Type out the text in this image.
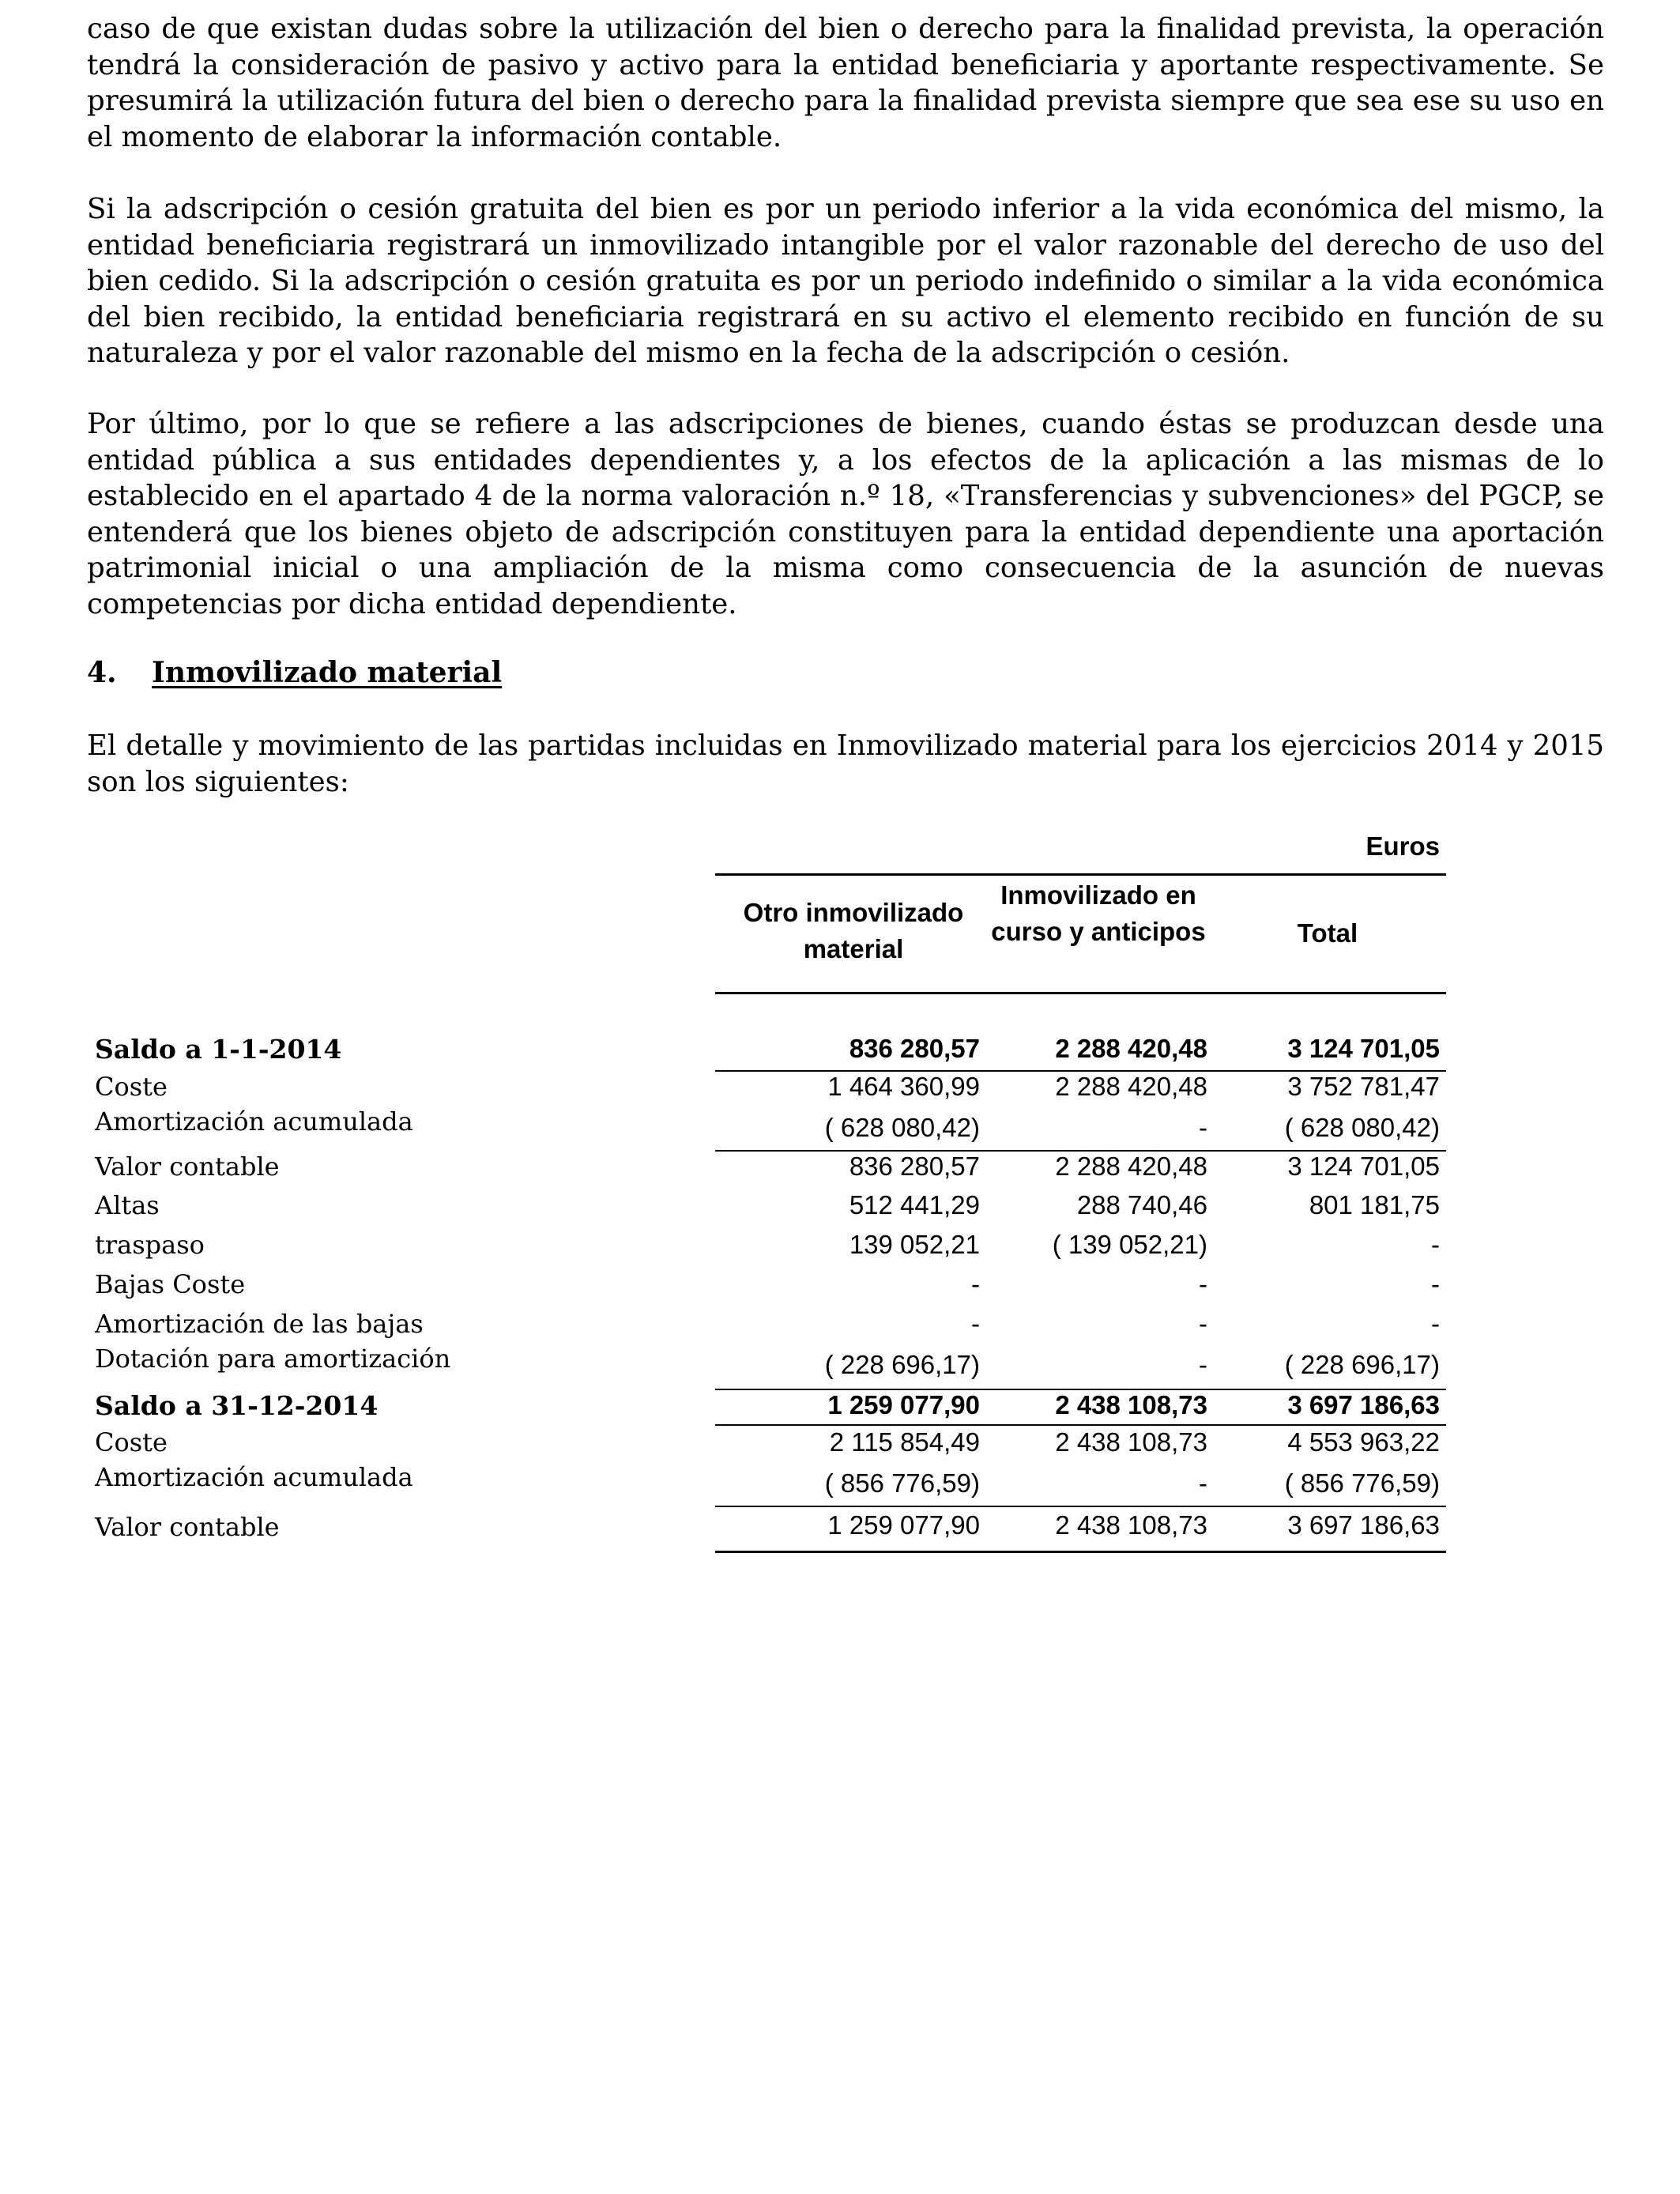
caso de que existan dudas sobre la utilización del bien o derecho para la finalidad prevista, la operación tendrá la consideración de pasivo y activo para la entidad beneficiaria y aportante respectivamente. Se presumirá la utilización futura del bien o derecho para la finalidad prevista siempre que sea ese su uso en el momento de elaborar la información contable.

Si la adscripción o cesión gratuita del bien es por un periodo inferior a la vida económica del mismo, la entidad beneficiaria registrará un inmovilizado intangible por el valor razonable del derecho de uso del bien cedido. Si la adscripción o cesión gratuita es por un periodo indefinido o similar a la vida económica del bien recibido, la entidad beneficiaria registrará en su activo el elemento recibido en función de su naturaleza y por el valor razonable del mismo en la fecha de la adscripción o cesión.

Por último, por lo que se refiere a las adscripciones de bienes, cuando éstas se produzcan desde una entidad pública a sus entidades dependientes y, a los efectos de la aplicación a las mismas de lo establecido en el apartado 4 de la norma valoración n.º 18, «Transferencias y subvenciones» del PGCP, se entenderá que los bienes objeto de adscripción constituyen para la entidad dependiente una aportación patrimonial inicial o una ampliación de la misma como consecuencia de la asunción de nuevas competencias por dicha entidad dependiente.

4. Inmovilizado material

El detalle y movimiento de las partidas incluidas en Inmovilizado material para los ejercicios 2014 y 2015 son los siguientes:

Euros
Otro inmovilizado material
Inmovilizado en curso y anticipos	Total
Saldo a 1-1-2014	836 280,57	2 288 420,48	3 124 701,05
Coste	1 464 360,99	2 288 420,48	3 752 781,47
Amortización acumulada	( 628 080,42)	-	( 628 080,42)
Valor contable	836 280,57	2 288 420,48	3 124 701,05
Altas	512 441,29	288 740,46	801 181,75
traspaso	139 052,21	( 139 052,21)	-
Bajas Coste	-	-	-
Amortización de las bajas	-	-	-
Dotación para amortización	( 228 696,17)	-	( 228 696,17)
Saldo a 31-12-2014	1 259 077,90	2 438 108,73	3 697 186,63
Coste	2 115 854,49	2 438 108,73	4 553 963,22
Amortización acumulada	( 856 776,59)	-	( 856 776,59)
Valor contable	1 259 077,90	2 438 108,73	3 697 186,63
